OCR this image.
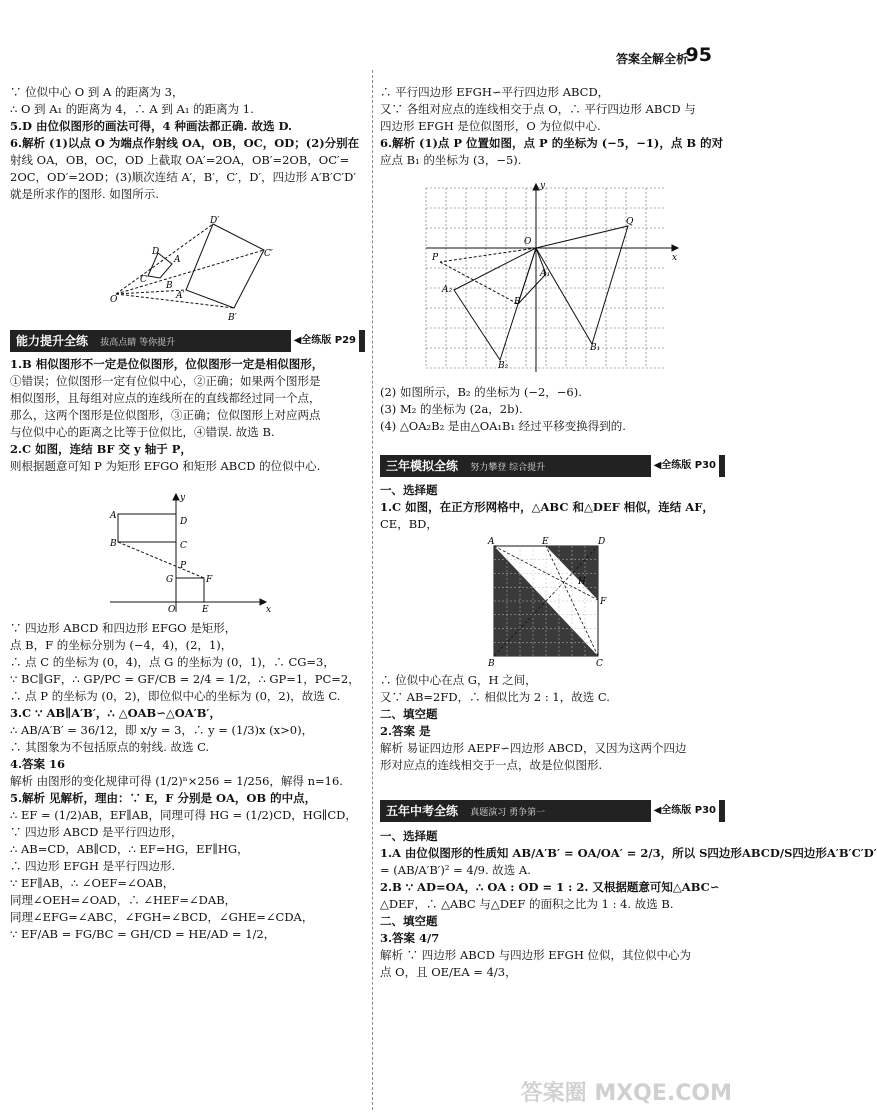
答案全解全析
95
∵ 位似中心 O 到 A 的距离为 3，
∴ O 到 A₁ 的距离为 4，∴ A 到 A₁ 的距离为 1.
5.D 由位似图形的画法可得，4 种画法都正确. 故选 D.
6.解析 (1)以点 O 为端点作射线 OA，OB，OC，OD；(2)分别在
射线 OA，OB，OC，OD 上截取 OA′=2OA，OB′=2OB，OC′=
2OC，OD′=2OD；(3)顺次连结 A′，B′，C′，D′，四边形 A′B′C′D′
就是所求作的图形. 如图所示.
O
A
B
C
D
D′
C′
B′
A′
能力提升全练 拔高点睛 等你提升	◀全练版 P29
1.B 相似图形不一定是位似图形，位似图形一定是相似图形，
①错误；位似图形一定有位似中心，②正确；如果两个图形是
相似图形，且每组对应点的连线所在的直线都经过同一个点，
那么，这两个图形是位似图形，③正确；位似图形上对应两点
与位似中心的距离之比等于位似比，④错误. 故选 B.
2.C 如图，连结 BF 交 y 轴于 P，
则根据题意可知 P 为矩形 EFGO 和矩形 ABCD 的位似中心.
A
B
D
C
P
G	F
O	E	x
y
∵ 四边形 ABCD 和四边形 EFGO 是矩形，
点 B，F 的坐标分别为 (−4，4)，(2，1)，
∴ 点 C 的坐标为 (0，4)，点 G 的坐标为 (0，1)，∴ CG=3，
∵ BC∥GF，∴ GP/PC = GF/CB = 2/4 = 1/2，∴ GP=1，PC=2，
∴ 点 P 的坐标为 (0，2)，即位似中心的坐标为 (0，2)，故选 C.
3.C ∵ AB∥A′B′，∴ △OAB∽△OA′B′，
∴ AB/A′B′ = 36/12，即 x/y = 3，∴ y = (1/3)x (x>0)，
∴ 其图象为不包括原点的射线. 故选 C.
4.答案 16
解析 由图形的变化规律可得 (1/2)ⁿ×256 = 1/256，解得 n=16.
5.解析 见解析，理由：∵ E，F 分别是 OA，OB 的中点，
∴ EF = (1/2)AB，EF∥AB，同理可得 HG = (1/2)CD，HG∥CD，
∵ 四边形 ABCD 是平行四边形，
∴ AB=CD，AB∥CD，∴ EF=HG，EF∥HG，
∴ 四边形 EFGH 是平行四边形.
∵ EF∥AB，∴ ∠OEF=∠OAB，
同理∠OEH=∠OAD，∴ ∠HEF=∠DAB，
同理∠EFG=∠ABC，∠FGH=∠BCD，∠GHE=∠CDA，
∵ EF/AB = FG/BC = GH/CD = HE/AD = 1/2，
∴ 平行四边形 EFGH∽平行四边形 ABCD，
又∵ 各组对应点的连线相交于点 O，∴ 平行四边形 ABCD 与
四边形 EFGH 是位似图形，O 为位似中心.
6.解析 (1)点 P 位置如图，点 P 的坐标为 (−5，−1)，点 B 的对
应点 B₁ 的坐标为 (3，−5).
O
Q
P
A₁
A₂
B
B₁
B₂
x
y
(2) 如图所示，B₂ 的坐标为 (−2，−6).
(3) M₂ 的坐标为 (2a，2b).
(4) △OA₂B₂ 是由△OA₁B₁ 经过平移变换得到的.
三年模拟全练 努力攀登 综合提升	◀全练版 P30
一、选择题
1.C 如图，在正方形网格中，△ABC 和△DEF 相似，连结 AF，
CE，BD，
A	E	D
F
G
H
B	C
∴ 位似中心在点 G，H 之间，
又∵ AB=2FD，∴ 相似比为 2 : 1，故选 C.
二、填空题
2.答案 是
解析 易证四边形 AEPF∽四边形 ABCD，又因为这两个四边
形对应点的连线相交于一点，故是位似图形.
五年中考全练 真题演习 勇争第一	◀全练版 P30
一、选择题
1.A 由位似图形的性质知 AB/A′B′ = OA/OA′ = 2/3，所以 S四边形ABCD/S四边形A′B′C′D′
= (AB/A′B′)² = 4/9. 故选 A.
2.B ∵ AD=OA，∴ OA : OD = 1 : 2. 又根据题意可知△ABC∽
△DEF，∴ △ABC 与△DEF 的面积之比为 1 : 4. 故选 B.
二、填空题
3.答案 4/7
解析 ∵ 四边形 ABCD 与四边形 EFGH 位似，其位似中心为
点 O，且 OE/EA = 4/3，
答案圈 MXQE.COM
